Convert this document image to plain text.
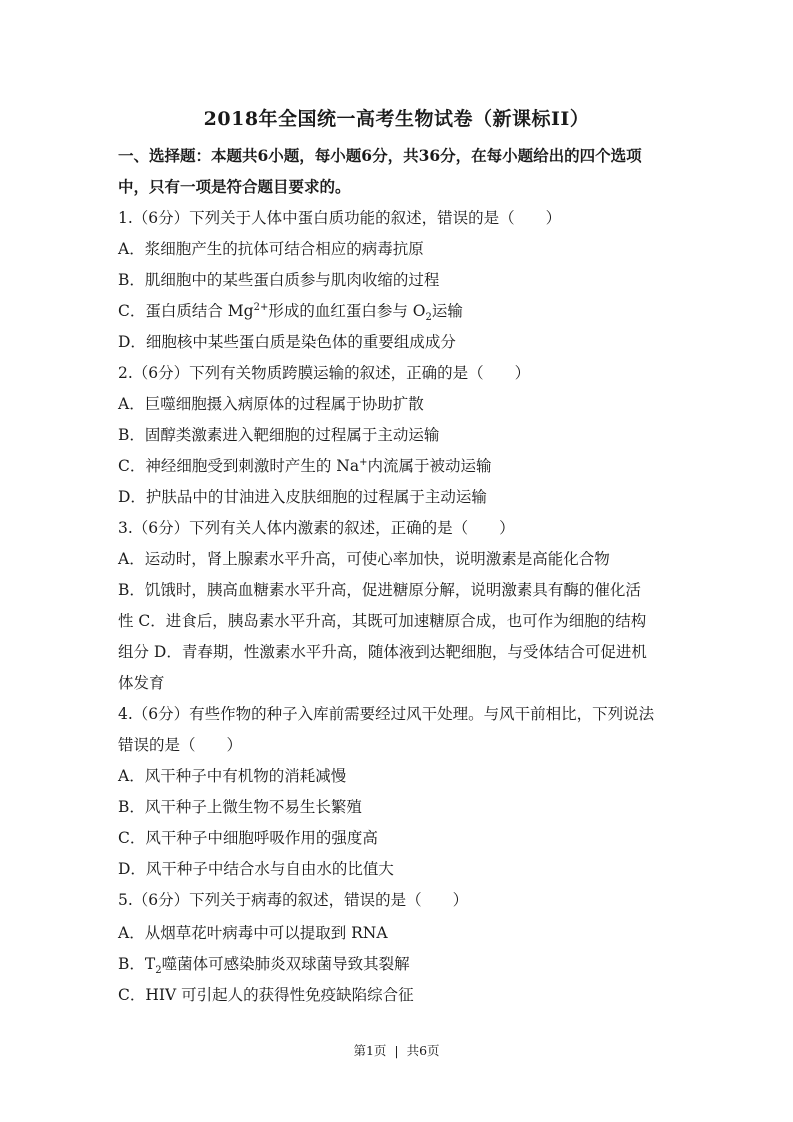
2018年全国统一高考生物试卷（新课标II）
一、选择题：本题共6小题，每小题6分，共36分，在每小题给出的四个选项
中，只有一项是符合题目要求的。
1.（6分）下列关于人体中蛋白质功能的叙述，错误的是（　　）
A．浆细胞产生的抗体可结合相应的病毒抗原
B．肌细胞中的某些蛋白质参与肌肉收缩的过程
C．蛋白质结合 $Mg^{2+}$形成的血红蛋白参与 $O_2$运输
D．细胞核中某些蛋白质是染色体的重要组成成分
2.（6分）下列有关物质跨膜运输的叙述，正确的是（　　）
A．巨噬细胞摄入病原体的过程属于协助扩散
B．固醇类激素进入靶细胞的过程属于主动运输
C．神经细胞受到刺激时产生的 Na+内流属于被动运输
D．护肤品中的甘油进入皮肤细胞的过程属于主动运输
3.（6分）下列有关人体内激素的叙述，正确的是（　　）
A．运动时，肾上腺素水平升高，可使心率加快，说明激素是高能化合物
B．饥饿时，胰高血糖素水平升高，促进糖原分解，说明激素具有酶的催化活
性 C．进食后，胰岛素水平升高，其既可加速糖原合成，也可作为细胞的结构
组分 D．青春期，性激素水平升高，随体液到达靶细胞，与受体结合可促进机
体发育
4.（6分）有些作物的种子入库前需要经过风干处理。与风干前相比，下列说法
错误的是（　　）
A．风干种子中有机物的消耗减慢
B．风干种子上微生物不易生长繁殖
C．风干种子中细胞呼吸作用的强度高
D．风干种子中结合水与自由水的比值大
5.（6分）下列关于病毒的叙述，错误的是（　　）
A．从烟草花叶病毒中可以提取到 RNA
B．$T_2$噬菌体可感染肺炎双球菌导致其裂解
C．HIV 可引起人的获得性免疫缺陷综合征
第1页 | 共6页
